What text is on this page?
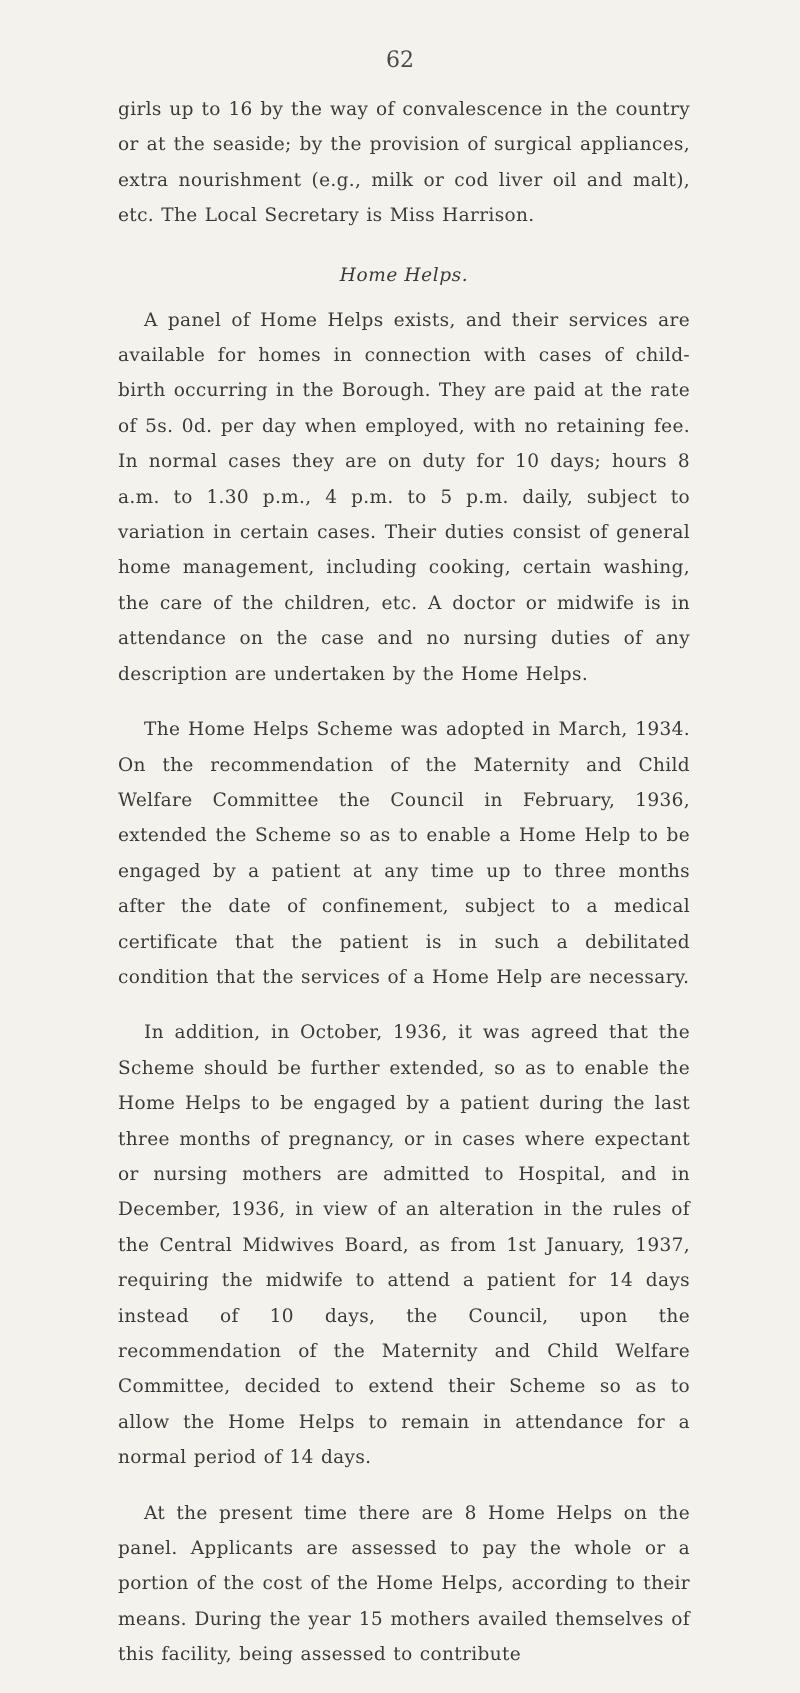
62

girls up to 16 by the way of convalescence in the country or at the seaside; by the provision of surgical appliances, extra nourishment (e.g., milk or cod liver oil and malt), etc. The Local Secretary is Miss Harrison.

Home Helps.

A panel of Home Helps exists, and their services are available for homes in connection with cases of child-birth occurring in the Borough. They are paid at the rate of 5s. 0d. per day when employed, with no retaining fee. In normal cases they are on duty for 10 days; hours 8 a.m. to 1.30 p.m., 4 p.m. to 5 p.m. daily, subject to variation in certain cases. Their duties consist of general home management, including cooking, certain washing, the care of the children, etc. A doctor or midwife is in attendance on the case and no nursing duties of any description are undertaken by the Home Helps.

The Home Helps Scheme was adopted in March, 1934. On the recommendation of the Maternity and Child Welfare Committee the Council in February, 1936, extended the Scheme so as to enable a Home Help to be engaged by a patient at any time up to three months after the date of confinement, subject to a medical certificate that the patient is in such a debilitated condition that the services of a Home Help are necessary.

In addition, in October, 1936, it was agreed that the Scheme should be further extended, so as to enable the Home Helps to be engaged by a patient during the last three months of pregnancy, or in cases where expectant or nursing mothers are admitted to Hospital, and in December, 1936, in view of an alteration in the rules of the Central Midwives Board, as from 1st January, 1937, requiring the midwife to attend a patient for 14 days instead of 10 days, the Council, upon the recommendation of the Maternity and Child Welfare Committee, decided to extend their Scheme so as to allow the Home Helps to remain in attendance for a normal period of 14 days.

At the present time there are 8 Home Helps on the panel. Applicants are assessed to pay the whole or a portion of the cost of the Home Helps, according to their means. During the year 15 mothers availed themselves of this facility, being assessed to contribute
